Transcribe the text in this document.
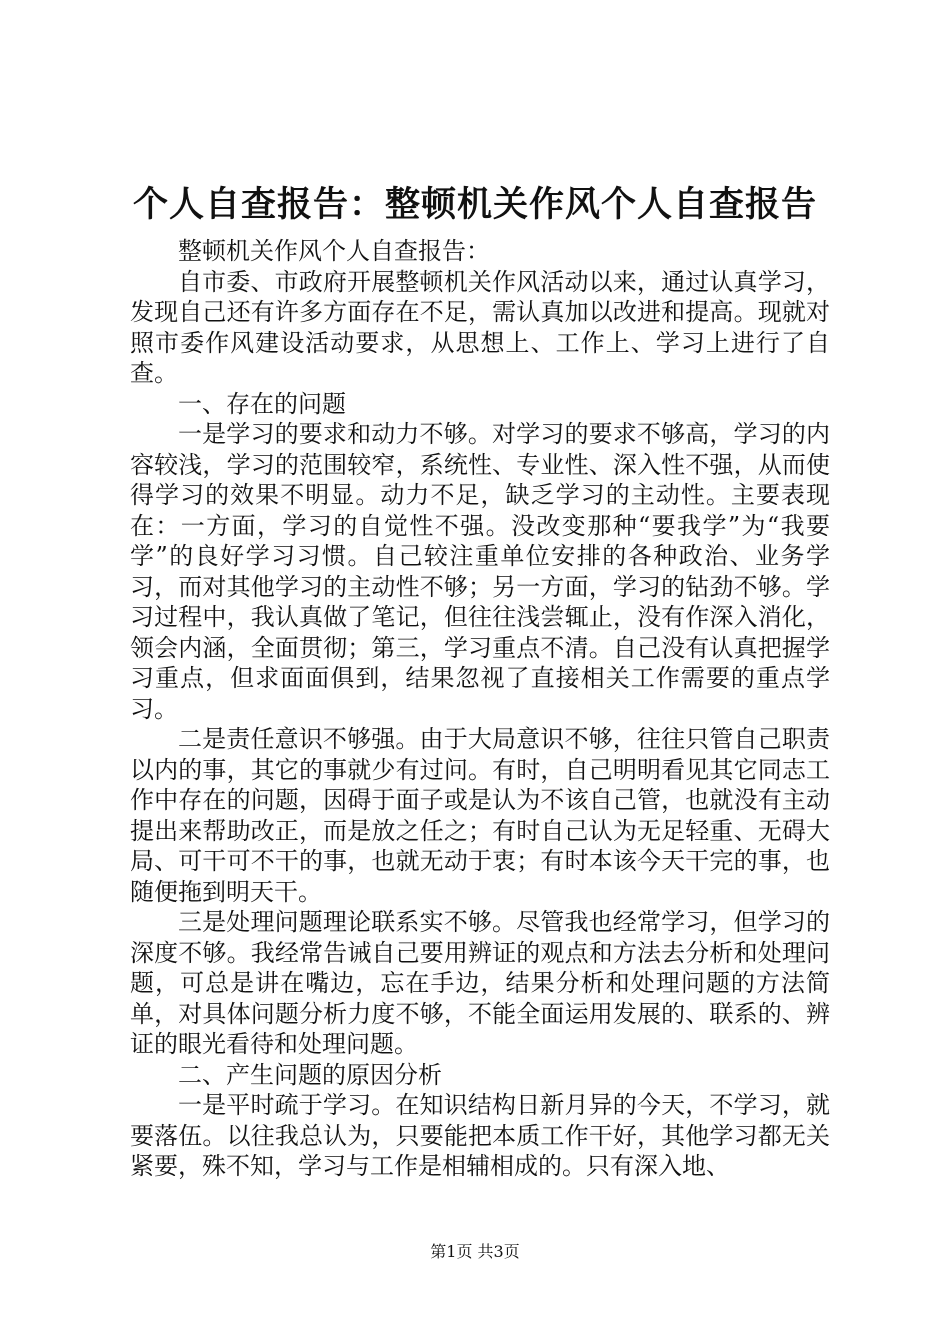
个人自查报告：整顿机关作风个人自查报告

整顿机关作风个人自查报告：

自市委、市政府开展整顿机关作风活动以来，通过认真学习，发现自己还有许多方面存在不足，需认真加以改进和提高。现就对照市委作风建设活动要求，从思想上、工作上、学习上进行了自查。

一、存在的问题

一是学习的要求和动力不够。对学习的要求不够高，学习的内容较浅，学习的范围较窄，系统性、专业性、深入性不强，从而使得学习的效果不明显。动力不足，缺乏学习的主动性。主要表现在：一方面，学习的自觉性不强。没改变那种“要我学”为“我要学”的良好学习习惯。自己较注重单位安排的各种政治、业务学习，而对其他学习的主动性不够；另一方面，学习的钻劲不够。学习过程中，我认真做了笔记，但往往浅尝辄止，没有作深入消化，领会内涵，全面贯彻；第三，学习重点不清。自己没有认真把握学习重点，但求面面俱到，结果忽视了直接相关工作需要的重点学习。

二是责任意识不够强。由于大局意识不够，往往只管自己职责以内的事，其它的事就少有过问。有时，自己明明看见其它同志工作中存在的问题，因碍于面子或是认为不该自己管，也就没有主动提出来帮助改正，而是放之任之；有时自己认为无足轻重、无碍大局、可干可不干的事，也就无动于衷；有时本该今天干完的事，也随便拖到明天干。

三是处理问题理论联系实不够。尽管我也经常学习，但学习的深度不够。我经常告诫自己要用辨证的观点和方法去分析和处理问题，可总是讲在嘴边，忘在手边，结果分析和处理问题的方法简单，对具体问题分析力度不够，不能全面运用发展的、联系的、辨证的眼光看待和处理问题。

二、产生问题的原因分析

一是平时疏于学习。在知识结构日新月异的今天，不学习，就要落伍。以往我总认为，只要能把本质工作干好，其他学习都无关紧要，殊不知，学习与工作是相辅相成的。只有深入地、

第1页 共3页
